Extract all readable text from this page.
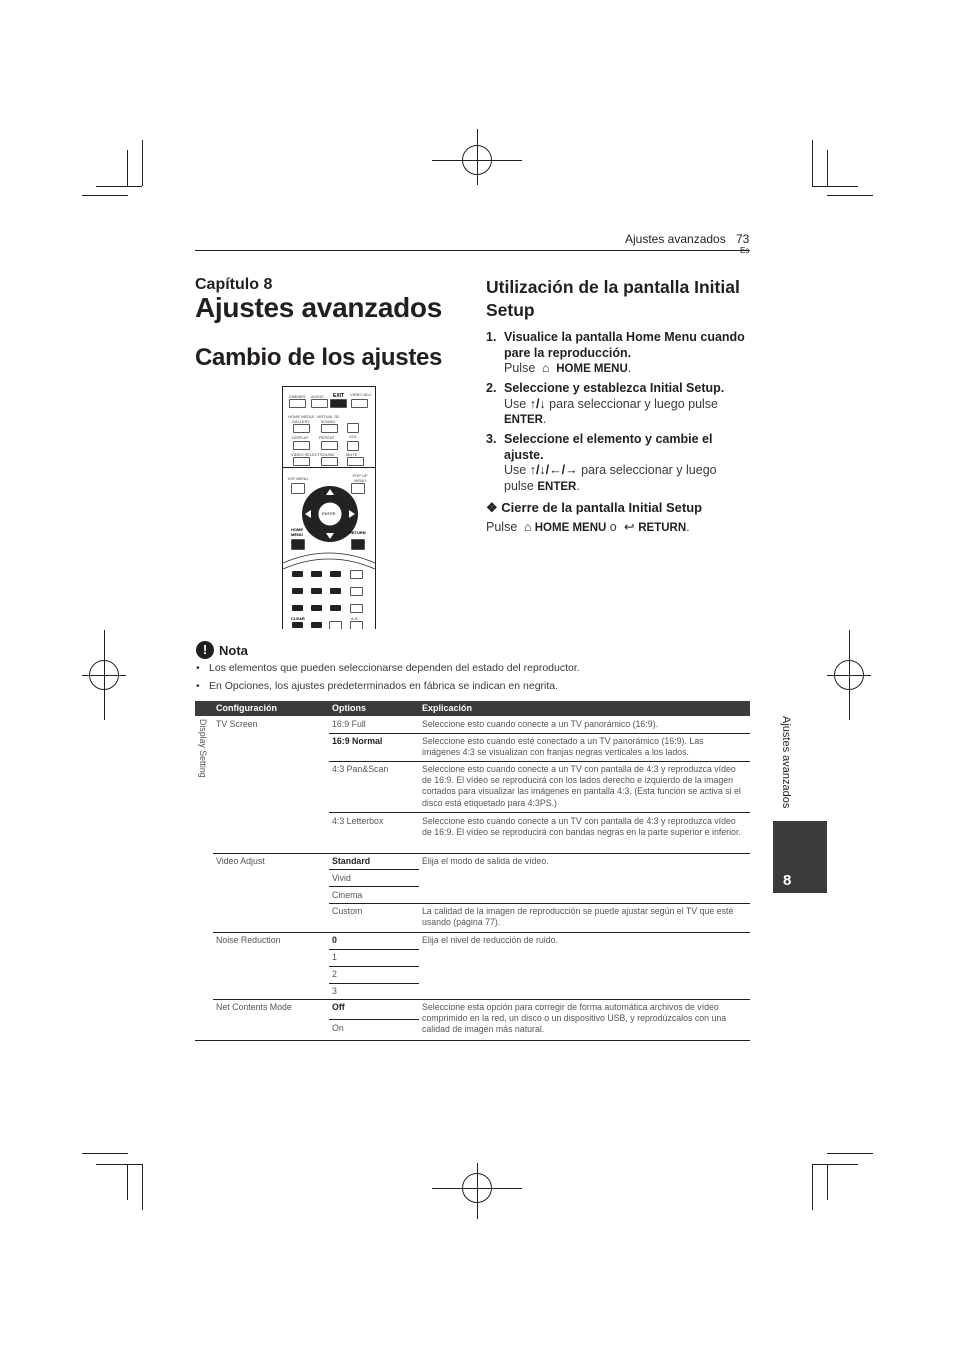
Ajustes avanzados 73
Capítulo 8
Ajustes avanzados
Cambio de los ajustes
DIMMER AUDIO EXIT VIDEO ADJ.
HOME MEDIA GALLERY
VIRTUAL 3D SOUND
DISPLAY	REPEAT	VOL
VIDEO SELECT SOUND	MUTE
TOP MENU
POP UP MENU
ENTER
HOME MENU	RETURN
CLEAR	A-B
Utilización de la pantalla Initial Setup
1. Visualice la pantalla Home Menu cuando pare la reproducción.
Pulse ⌂ HOME MENU.
2. Seleccione y establezca Initial Setup.
Use ↑/↓ para seleccionar y luego pulse ENTER.
3. Seleccione el elemento y cambie el ajuste.
Use ↑/↓/←/→ para seleccionar y luego pulse ENTER.
❖ Cierre de la pantalla Initial Setup
Pulse ⌂ HOME MENU o ↩ RETURN.
! Nota
• Los elementos que pueden seleccionarse dependen del estado del reproductor.
• En Opciones, los ajustes predeterminados en fábrica se indican en negrita.
Configuración	Options	Explicación
Display Setting TV Screen	16:9 Full	Seleccione esto cuando conecte a un TV panorámico (16:9).
16:9 Normal	Seleccione esto cuando esté conectado a un TV panorámico (16:9). Las imágenes 4:3 se visualizan con franjas negras verticales a los lados.
4:3 Pan&Scan	Seleccione esto cuando conecte a un TV con pantalla de 4:3 y reproduzca vídeo de 16:9. El vídeo se reproducirá con los lados derecho e izquierdo de la imagen cortados para visualizar las imágenes en pantalla 4:3. (Esta función se activa si el disco está etiquetado para 4:3PS.)
4:3 Letterbox	Seleccione esto cuando conecte a un TV con pantalla de 4:3 y reproduzca vídeo de 16:9. El vídeo se reproducirá con bandas negras en la parte superior e inferior.
Video Adjust	Standard	Elija el modo de salida de vídeo.
Vivid
Cinema
Custom	La calidad de la imagen de reproducción se puede ajustar según el TV que esté usando (página 77).
Noise Reduction	0	Elija el nivel de reducción de ruido.
1
2
3
Net Contents Mode	Off	Seleccione esta opción para corregir de forma automática archivos de vídeo comprimido en la red, un disco o un dispositivo USB, y reprodúzcalos con una calidad de imagen más natural.
On
Ajustes avanzados
8
